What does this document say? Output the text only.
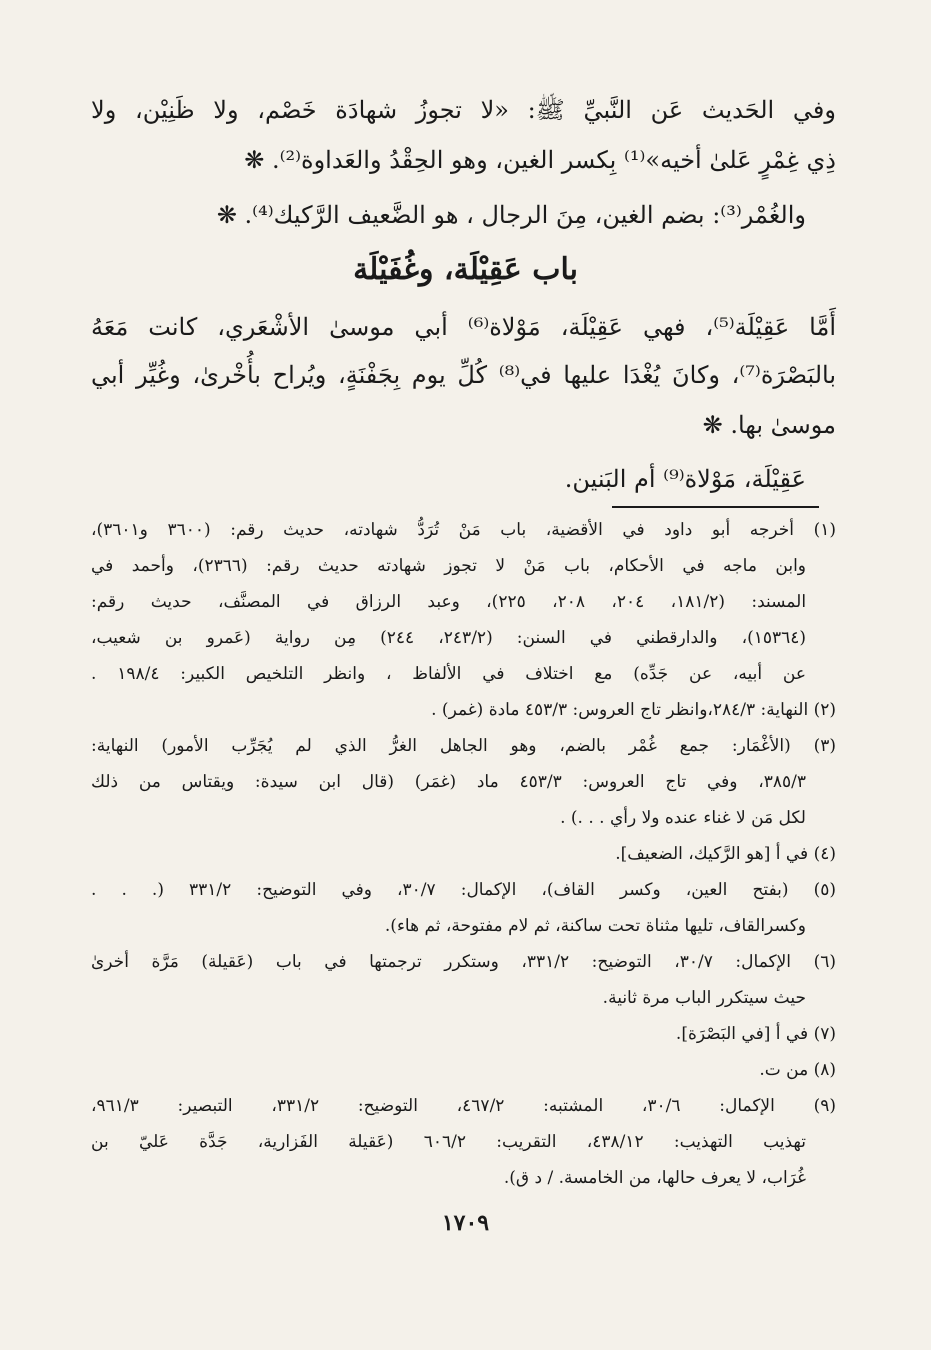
وفي الحَديث عَن النَّبيِّ ﷺ: «لا تجوزُ شهادَة خَصْم، ولا ظَنِيْن، ولا
ذِي غِمْرٍ عَلىٰ أخيه»⁽¹⁾ بِكسر الغين، وهو الحِقْدُ والعَداوة⁽²⁾. ❋
والغُمْر⁽³⁾: بضم الغين، مِنَ الرجال ، هو الضَّعيف الرَّكيك⁽⁴⁾. ❋
باب عَقِيْلَة، وغُفَيْلَة
أَمَّا عَقِيْلَة⁽⁵⁾، فهي عَقِيْلَة، مَوْلاة⁽⁶⁾ أبي موسىٰ الأشْعَري، كانت مَعَهُ
بالبَصْرَة⁽⁷⁾، وكانَ يُغْدَا عليها في⁽⁸⁾ كُلِّ يوم بِجَفْنَةٍ، ويُراح بأُخْرىٰ، وغُيِّر أبي
موسىٰ بها. ❋
عَقِيْلَة، مَوْلاة⁽⁹⁾ أم البَنين.
(١) أخرجه أبو داود في الأقضية، باب مَنْ تُرَدُّ شهادته، حديث رقم: (٣٦٠٠ و٣٦٠١)،
وابن ماجه في الأحكام، باب مَنْ لا تجوز شهادته حديث رقم: (٢٣٦٦)، وأحمد في
المسند: (١٨١/٢، ٢٠٤، ٢٠٨، ٢٢٥)، وعبد الرزاق في المصنَّف، حديث رقم:
(١٥٣٦٤)، والدارقطني في السنن: (٢٤٣/٢، ٢٤٤) مِن رواية (عَمرو بن شعيب،
عن أبيه، عن جَدِّه) مع اختلاف في الألفاظ ، وانظر التلخيص الكبير: ١٩٨/٤ .
(٢) النهاية: ٢٨٤/٣،وانظر تاج العروس: ٤٥٣/٣ مادة (غمر) .
(٣) (الأغْمَار: جمع غُمْر بالضم، وهو الجاهل الغرُّ الذي لم يُجَرِّب الأمور) النهاية:
٣٨٥/٣، وفي تاج العروس: ٤٥٣/٣ ماد (غمَر) (قال ابن سيدة: ويقتاس من ذلك
لكل مَن لا غناء عنده ولا رأي . . .) .
(٤) في أ [هو الرَّكيك، الضعيف].
(٥) (بفتح العين، وكسر القاف)، الإكمال: ٣٠/٧، وفي التوضيح: ٣٣١/٢ (. . .
وكسرالقاف، تليها مثناة تحت ساكنة، ثم لام مفتوحة، ثم هاء).
(٦) الإكمال: ٣٠/٧، التوضيح: ٣٣١/٢، وستكرر ترجمتها في باب (عَقيلة) مَرَّة أخرىٰ
حيث سيتكرر الباب مرة ثانية.
(٧) في أ [في البَصْرَة].
(٨) من ت.
(٩) الإكمال: ٣٠/٦، المشتبه: ٤٦٧/٢، التوضيح: ٣٣١/٢، التبصير: ٩٦١/٣،
تهذيب التهذيب: ٤٣٨/١٢، التقريب: ٦٠٦/٢ (عَقيلة الفَزارية، جَدَّة عَليّ بن
غُرَاب، لا يعرف حالها، من الخامسة. / د ق).
١٧٠٩
